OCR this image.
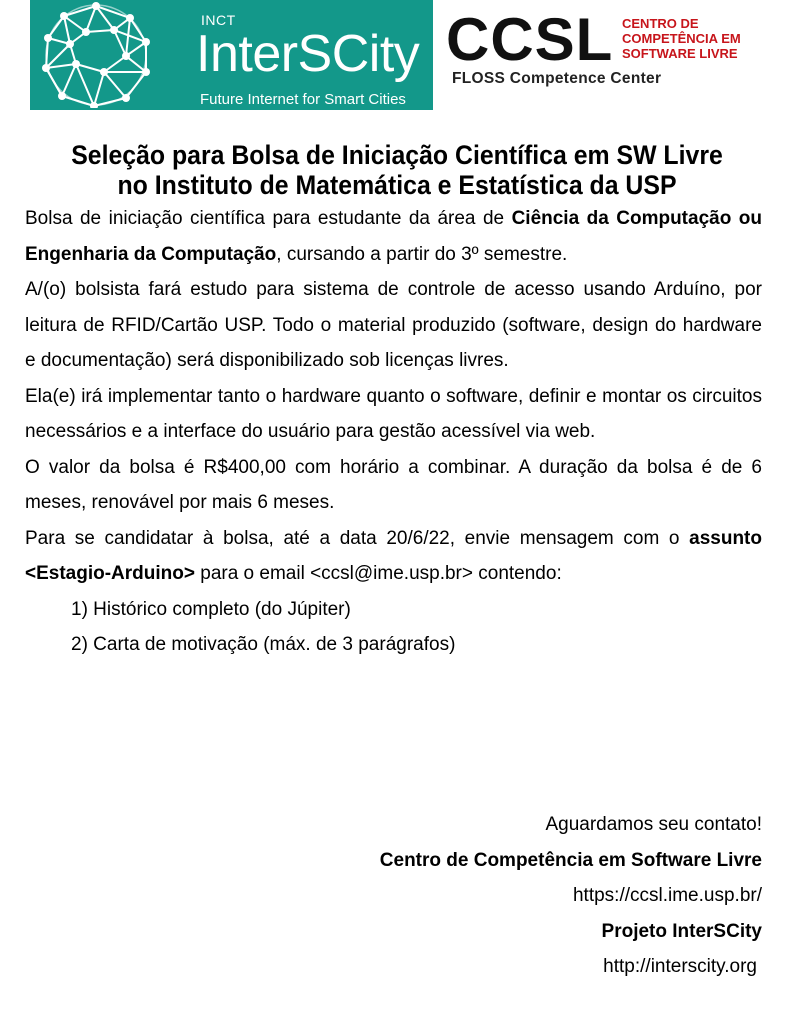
INCT
InterSCity
Future Internet for Smart Cities
CCSL CENTRO DE
COMPETÊNCIA EM
SOFTWARE LIVRE
FLOSS Competence Center
Seleção para Bolsa de Iniciação Científica em SW Livre
no Instituto de Matemática e Estatística da USP

Bolsa de iniciação científica para estudante da área de Ciência da Computação ou Engenharia da Computação, cursando a partir do 3º semestre.

A/(o) bolsista fará estudo para sistema de controle de acesso usando Arduíno, por leitura de RFID/Cartão USP. Todo o material produzido (software, design do hardware e documentação) será disponibilizado sob licenças livres.

Ela(e) irá implementar tanto o hardware quanto o software, definir e montar os circuitos necessários e a interface do usuário para gestão acessível via web.

O valor da bolsa é R$400,00 com horário a combinar. A duração da bolsa é de 6 meses, renovável por mais 6 meses.

Para se candidatar à bolsa, até a data 20/6/22, envie mensagem com o assunto <Estagio-Arduino> para o email <ccsl@ime.usp.br> contendo:

1) Histórico completo (do Júpiter)
2) Carta de motivação (máx. de 3 parágrafos)
Aguardamos seu contato!
Centro de Competência em Software Livre
https://ccsl.ime.usp.br/
Projeto InterSCity
http://interscity.org
